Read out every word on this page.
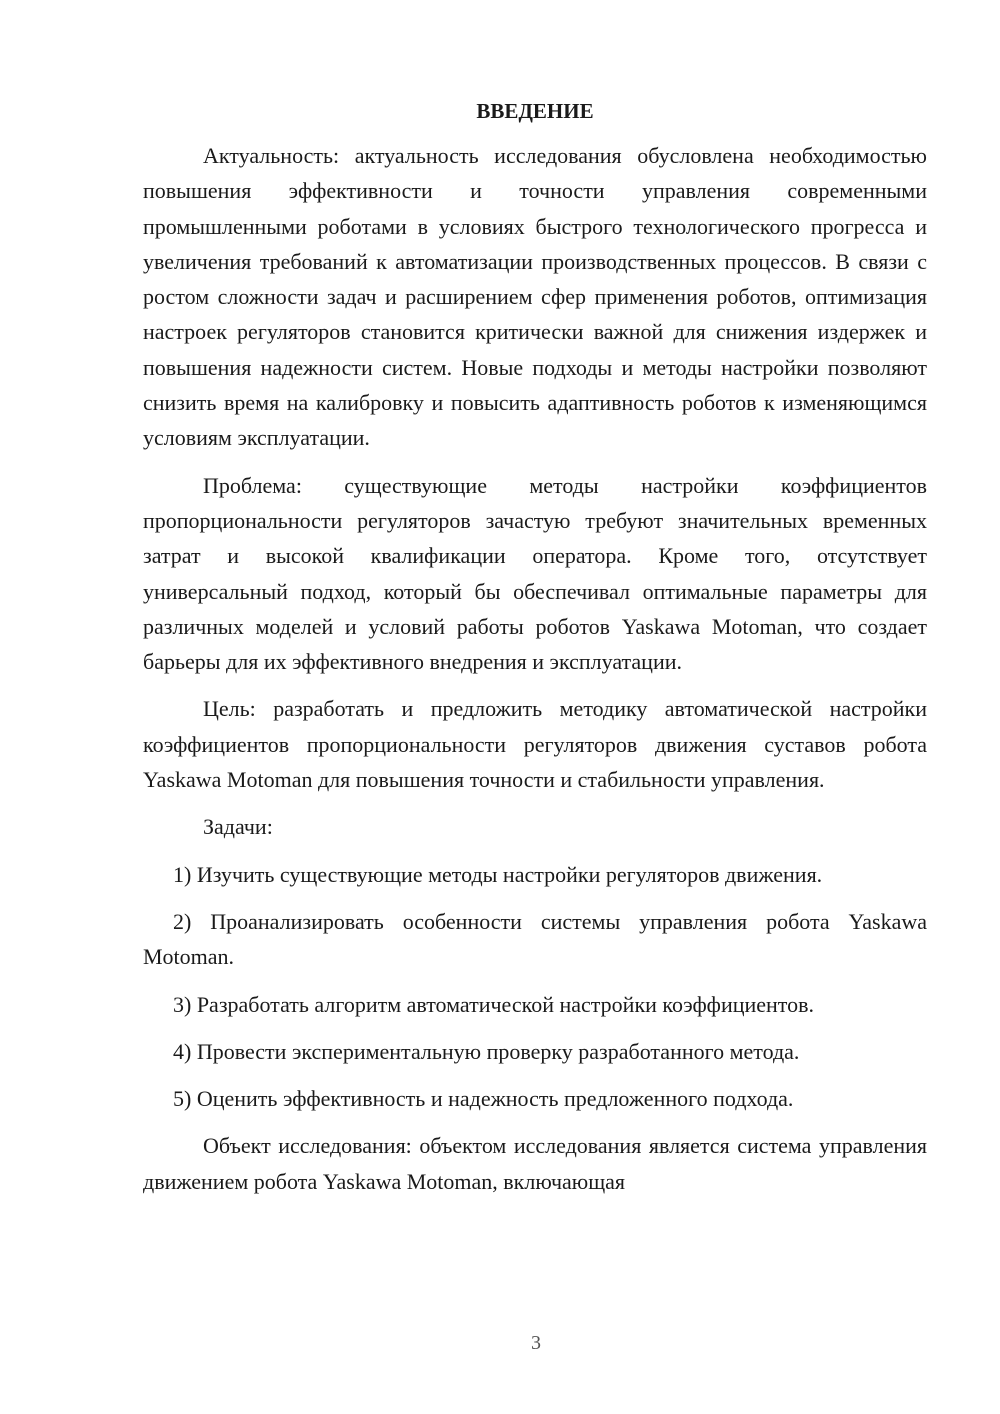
ВВЕДЕНИЕ

Актуальность: актуальность исследования обусловлена необходимостью повышения эффективности и точности управления современными промышленными роботами в условиях быстрого технологического прогресса и увеличения требований к автоматизации производственных процессов. В связи с ростом сложности задач и расширением сфер применения роботов, оптимизация настроек регуляторов становится критически важной для снижения издержек и повышения надежности систем. Новые подходы и методы настройки позволяют снизить время на калибровку и повысить адаптивность роботов к изменяющимся условиям эксплуатации.

Проблема: существующие методы настройки коэффициентов пропорциональности регуляторов зачастую требуют значительных временных затрат и высокой квалификации оператора. Кроме того, отсутствует универсальный подход, который бы обеспечивал оптимальные параметры для различных моделей и условий работы роботов Yaskawa Motoman, что создает барьеры для их эффективного внедрения и эксплуатации.

Цель: разработать и предложить методику автоматической настройки коэффициентов пропорциональности регуляторов движения суставов робота Yaskawa Motoman для повышения точности и стабильности управления.

Задачи:

1) Изучить существующие методы настройки регуляторов движения.

2) Проанализировать особенности системы управления робота Yaskawa Motoman.

3) Разработать алгоритм автоматической настройки коэффициентов.

4) Провести экспериментальную проверку разработанного метода.

5) Оценить эффективность и надежность предложенного подхода.

Объект исследования: объектом исследования является система управления движением робота Yaskawa Motoman, включающая

3
